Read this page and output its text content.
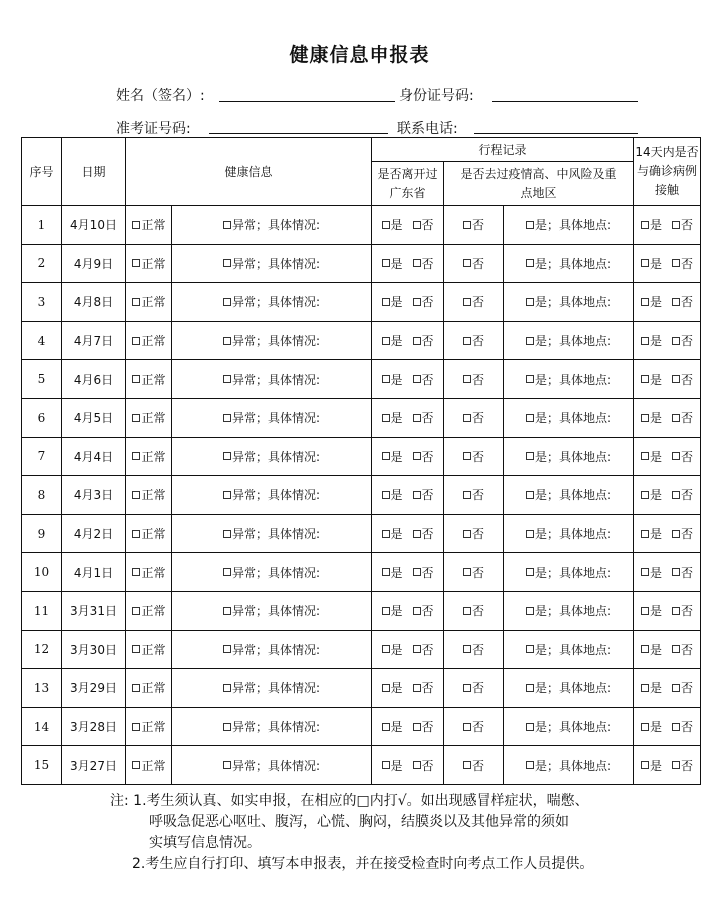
健康信息申报表
姓名（签名）:	身份证号码:
准考证号码:	联系电话:
序号	日期	健康信息		行程记录			14天内是否与确诊病例接触
				是否离开过广东省	是否去过疫情高、中风险及重点地区		
1	4月10日	正常	异常；具体情况:	是 否	否	是；具体地点:	是 否
2	4月9日	正常	异常；具体情况:	是 否	否	是；具体地点:	是 否
3	4月8日	正常	异常；具体情况:	是 否	否	是；具体地点:	是 否
4	4月7日	正常	异常；具体情况:	是 否	否	是；具体地点:	是 否
5	4月6日	正常	异常；具体情况:	是 否	否	是；具体地点:	是 否
6	4月5日	正常	异常；具体情况:	是 否	否	是；具体地点:	是 否
7	4月4日	正常	异常；具体情况:	是 否	否	是；具体地点:	是 否
8	4月3日	正常	异常；具体情况:	是 否	否	是；具体地点:	是 否
9	4月2日	正常	异常；具体情况:	是 否	否	是；具体地点:	是 否
10	4月1日	正常	异常；具体情况:	是 否	否	是；具体地点:	是 否
11	3月31日	正常	异常；具体情况:	是 否	否	是；具体地点:	是 否
12	3月30日	正常	异常；具体情况:	是 否	否	是；具体地点:	是 否
13	3月29日	正常	异常；具体情况:	是 否	否	是；具体地点:	是 否
14	3月28日	正常	异常；具体情况:	是 否	否	是；具体地点:	是 否
15	3月27日	正常	异常；具体情况:	是 否	否	是；具体地点:	是 否
注: 1.考生须认真、如实申报，在相应的□内打√。如出现感冒样症状，喘憋、
呼吸急促恶心呕吐、腹泻，心慌、胸闷，结膜炎以及其他异常的须如
实填写信息情况。
2.考生应自行打印、填写本申报表，并在接受检查时向考点工作人员提供。
